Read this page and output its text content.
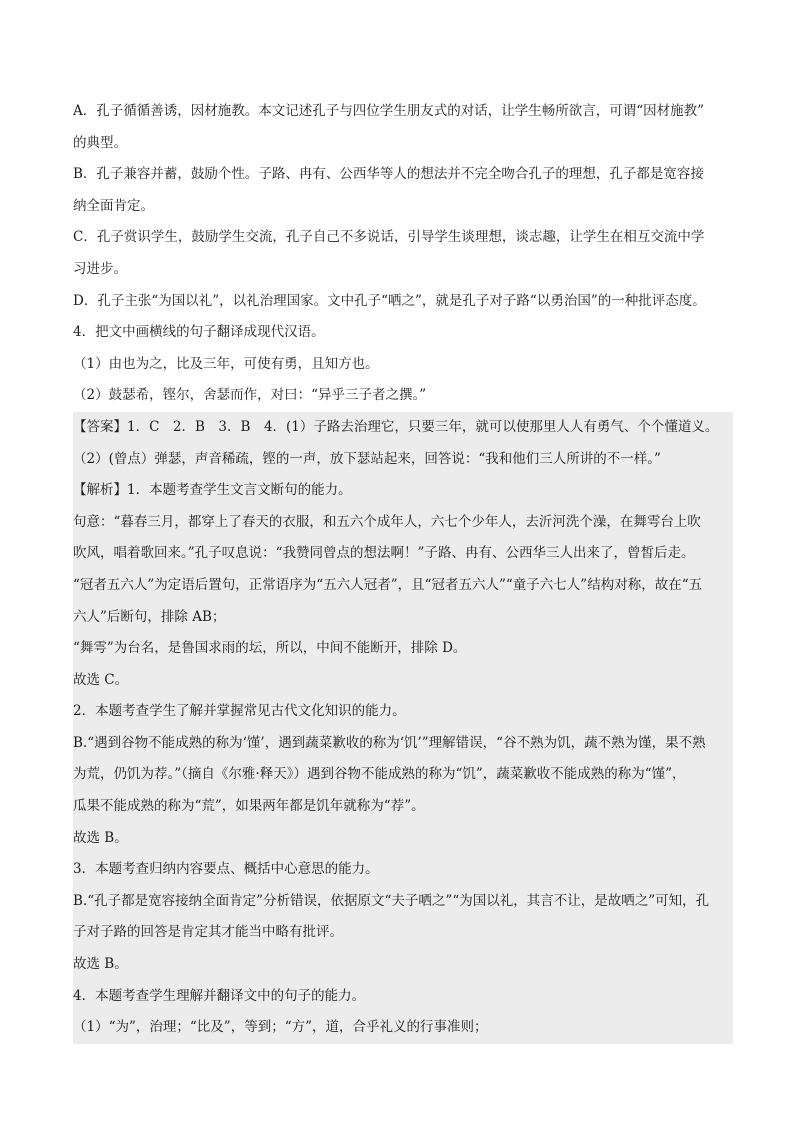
A．孔子循循善诱，因材施教。本文记述孔子与四位学生朋友式的对话，让学生畅所欲言，可谓“因材施教”
的典型。
B．孔子兼容并蓄，鼓励个性。子路、冉有、公西华等人的想法并不完全吻合孔子的理想，孔子都是宽容接
纳全面肯定。
C．孔子赏识学生，鼓励学生交流，孔子自己不多说话，引导学生谈理想，谈志趣，让学生在相互交流中学
习进步。
D．孔子主张“为国以礼”，以礼治理国家。文中孔子“哂之”，就是孔子对子路“以勇治国”的一种批评态度。
4．把文中画横线的句子翻译成现代汉语。
（1）由也为之，比及三年，可使有勇，且知方也。
（2）鼓瑟希，铿尔，舍瑟而作，对曰：“异乎三子者之撰。”
【答案】1．C　2．B　3．B　4．(1）子路去治理它，只要三年，就可以使那里人人有勇气、个个懂道义。
（2）(曾点）弹瑟，声音稀疏，铿的一声，放下瑟站起来，回答说：“我和他们三人所讲的不一样。”
【解析】1．本题考查学生文言文断句的能力。
句意：“暮春三月，都穿上了春天的衣服，和五六个成年人，六七个少年人，去沂河洗个澡，在舞雩台上吹
吹风，唱着歌回来。”孔子叹息说：“我赞同曾点的想法啊！”子路、冉有、公西华三人出来了，曾皙后走。
“冠者五六人”为定语后置句，正常语序为“五六人冠者”，且“冠者五六人”“童子六七人”结构对称，故在“五
六人”后断句，排除 AB；
“舞雩”为台名，是鲁国求雨的坛，所以，中间不能断开，排除 D。
故选 C。
2．本题考查学生了解并掌握常见古代文化知识的能力。
B.“遇到谷物不能成熟的称为‘馑’，遇到蔬菜歉收的称为‘饥’”理解错误，“谷不熟为饥，蔬不熟为馑，果不熟
为荒，仍饥为荐。”（摘自《尔雅·释天》）遇到谷物不能成熟的称为“饥”，蔬菜歉收不能成熟的称为“馑”，
瓜果不能成熟的称为“荒”，如果两年都是饥年就称为“荐”。
故选 B。
3．本题考查归纳内容要点、概括中心意思的能力。
B.“孔子都是宽容接纳全面肯定”分析错误，依据原文“夫子哂之”“为国以礼，其言不让，是故哂之”可知，孔
子对子路的回答是肯定其才能当中略有批评。
故选 B。
4．本题考查学生理解并翻译文中的句子的能力。
（1）“为”，治理；“比及”，等到；“方”，道，合乎礼义的行事准则；
